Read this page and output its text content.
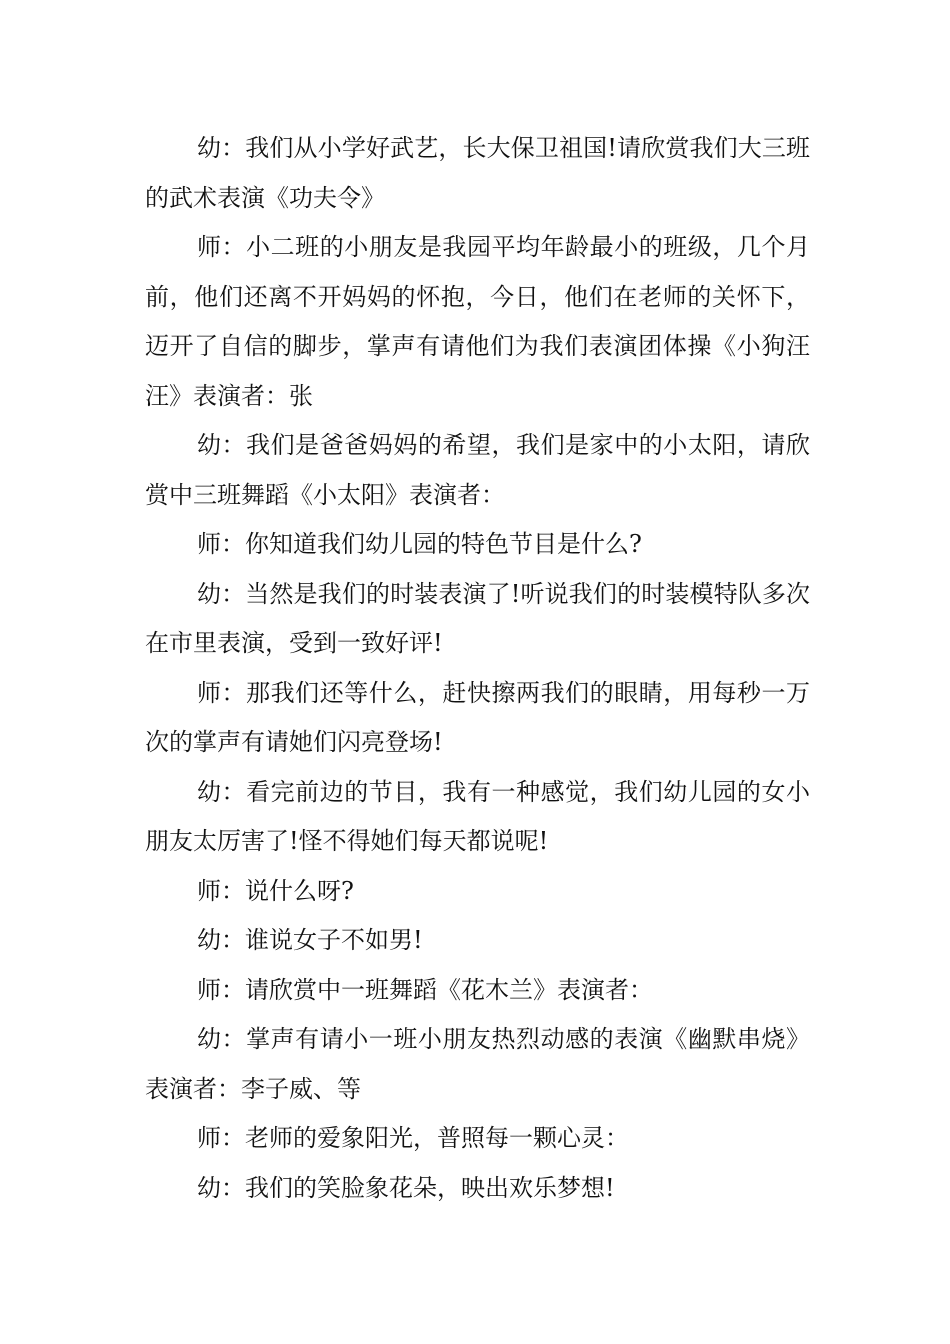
幼：我们从小学好武艺，长大保卫祖国!请欣赏我们大三班的武术表演《功夫令》

师：小二班的小朋友是我园平均年龄最小的班级，几个月前，他们还离不开妈妈的怀抱，今日，他们在老师的关怀下，迈开了自信的脚步，掌声有请他们为我们表演团体操《小狗汪汪》表演者：张

幼：我们是爸爸妈妈的希望，我们是家中的小太阳，请欣赏中三班舞蹈《小太阳》表演者：

师：你知道我们幼儿园的特色节目是什么?

幼：当然是我们的时装表演了!听说我们的时装模特队多次在市里表演，受到一致好评!

师：那我们还等什么，赶快擦两我们的眼睛，用每秒一万次的掌声有请她们闪亮登场!

幼：看完前边的节目，我有一种感觉，我们幼儿园的女小朋友太厉害了!怪不得她们每天都说呢!

师：说什么呀?

幼：谁说女子不如男!

师：请欣赏中一班舞蹈《花木兰》表演者：

幼：掌声有请小一班小朋友热烈动感的表演《幽默串烧》表演者：李子威、等

师：老师的爱象阳光，普照每一颗心灵：

幼：我们的笑脸象花朵，映出欢乐梦想!
